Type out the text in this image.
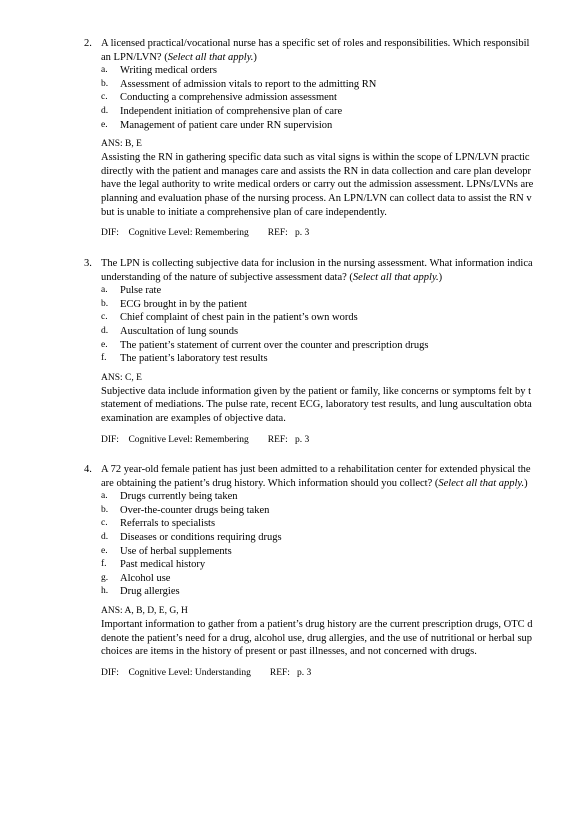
2. A licensed practical/vocational nurse has a specific set of roles and responsibilities. Which responsibil
an LPN/LVN? (Select all that apply.)
a. Writing medical orders
b. Assessment of admission vitals to report to the admitting RN
c. Conducting a comprehensive admission assessment
d. Independent initiation of comprehensive plan of care
e. Management of patient care under RN supervision
ANS: B, E
Assisting the RN in gathering specific data such as vital signs is within the scope of LPN/LVN practic
directly with the patient and manages care and assists the RN in data collection and care plan developr
have the legal authority to write medical orders or carry out the admission assessment. LPNs/LVNs are
planning and evaluation phase of the nursing process. An LPN/LVN can collect data to assist the RN v
but is unable to initiate a comprehensive plan of care independently.
DIF:    Cognitive Level: Remembering        REF:   p. 3
3. The LPN is collecting subjective data for inclusion in the nursing assessment. What information indica
understanding of the nature of subjective assessment data? (Select all that apply.)
a. Pulse rate
b. ECG brought in by the patient
c. Chief complaint of chest pain in the patient’s own words
d. Auscultation of lung sounds
e. The patient’s statement of current over the counter and prescription drugs
f. The patient’s laboratory test results
ANS: C, E
Subjective data include information given by the patient or family, like concerns or symptoms felt by t
statement of mediations. The pulse rate, recent ECG, laboratory test results, and lung auscultation obta
examination are examples of objective data.
DIF:    Cognitive Level: Remembering        REF:   p. 3
4. A 72 year-old female patient has just been admitted to a rehabilitation center for extended physical the
are obtaining the patient’s drug history. Which information should you collect? (Select all that apply.)
a. Drugs currently being taken
b. Over-the-counter drugs being taken
c. Referrals to specialists
d. Diseases or conditions requiring drugs
e. Use of herbal supplements
f. Past medical history
g. Alcohol use
h. Drug allergies
ANS: A, B, D, E, G, H
Important information to gather from a patient’s drug history are the current prescription drugs, OTC d
denote the patient’s need for a drug, alcohol use, drug allergies, and the use of nutritional or herbal sup
choices are items in the history of present or past illnesses, and not concerned with drugs.
DIF:    Cognitive Level: Understanding        REF:   p. 3
